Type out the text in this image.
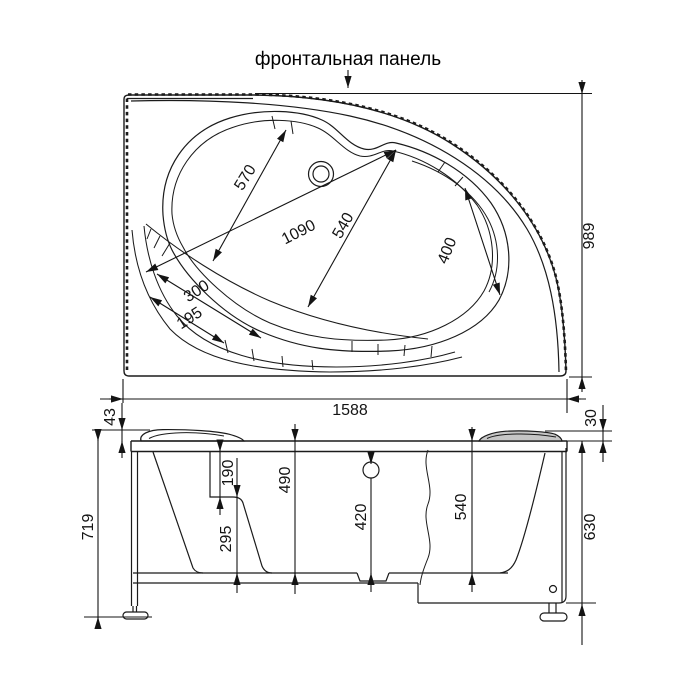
фронтальная панель
570
1090 540
400
300
195
1588
989
43
719
190
295
490
420	540
30
630
